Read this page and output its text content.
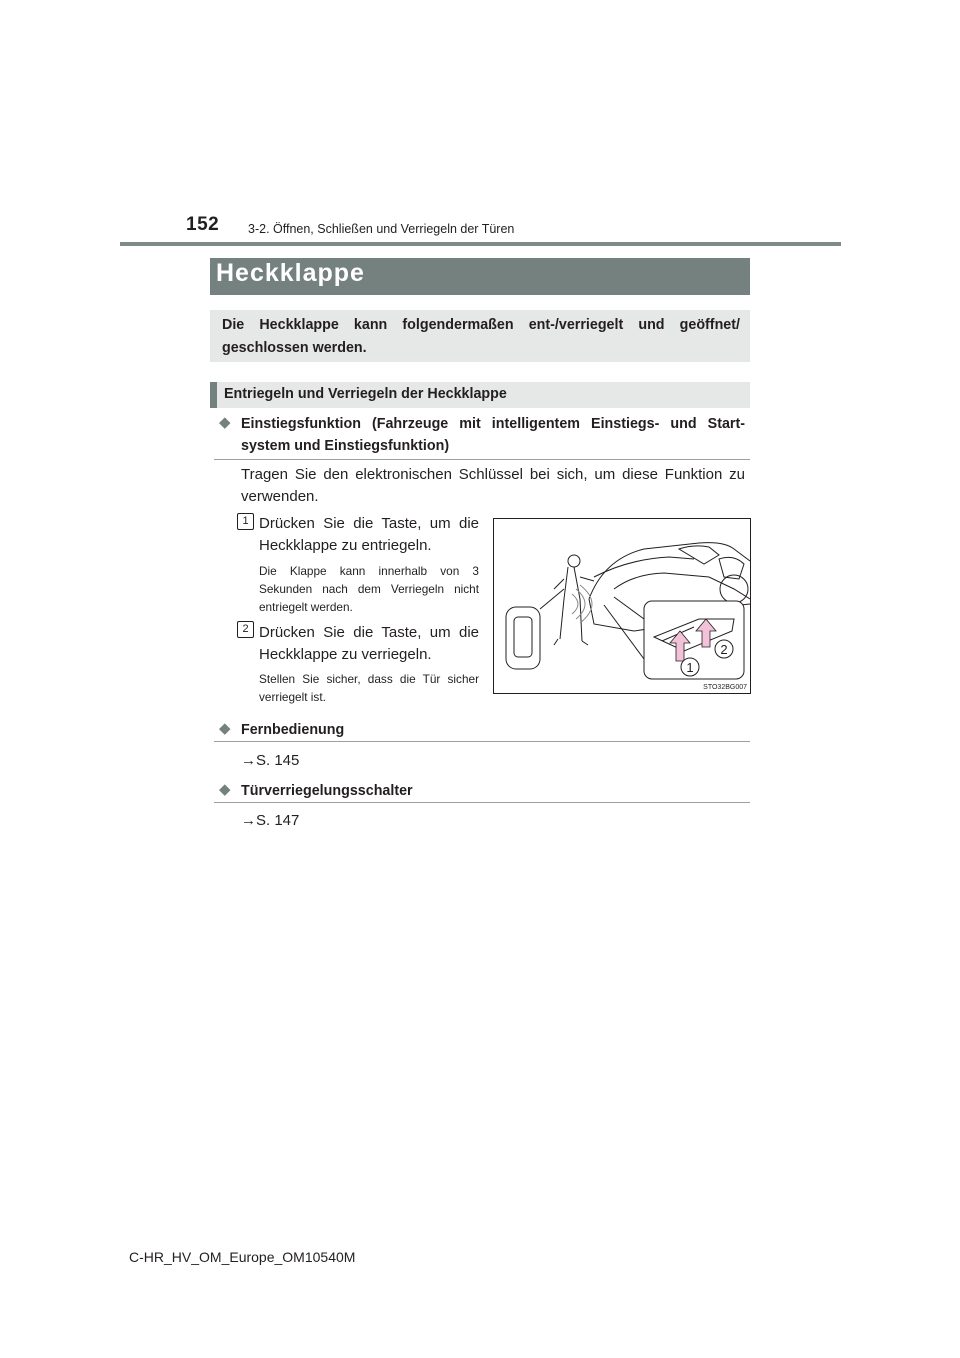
152 3-2. Öffnen, Schließen und Verriegeln der Türen
Heckklappe
Die Heckklappe kann folgendermaßen ent-/verriegelt und geöffnet/ geschlossen werden.
Entriegeln und Verriegeln der Heckklappe
◆ Einstiegsfunktion (Fahrzeuge mit intelligentem Einstiegs- und Start-system und Einstiegsfunktion)
Tragen Sie den elektronischen Schlüssel bei sich, um diese Funktion zu verwenden.
1 Drücken Sie die Taste, um die Heckklappe zu entriegeln.
Die Klappe kann innerhalb von 3 Sekunden nach dem Verriegeln nicht entriegelt werden.
2 Drücken Sie die Taste, um die Heckklappe zu verriegeln.
Stellen Sie sicher, dass die Tür sicher verriegelt ist.
1
2
STO32BG007
◆ Fernbedienung
→S. 145
◆ Türverriegelungsschalter
→S. 147
C-HR_HV_OM_Europe_OM10540M
